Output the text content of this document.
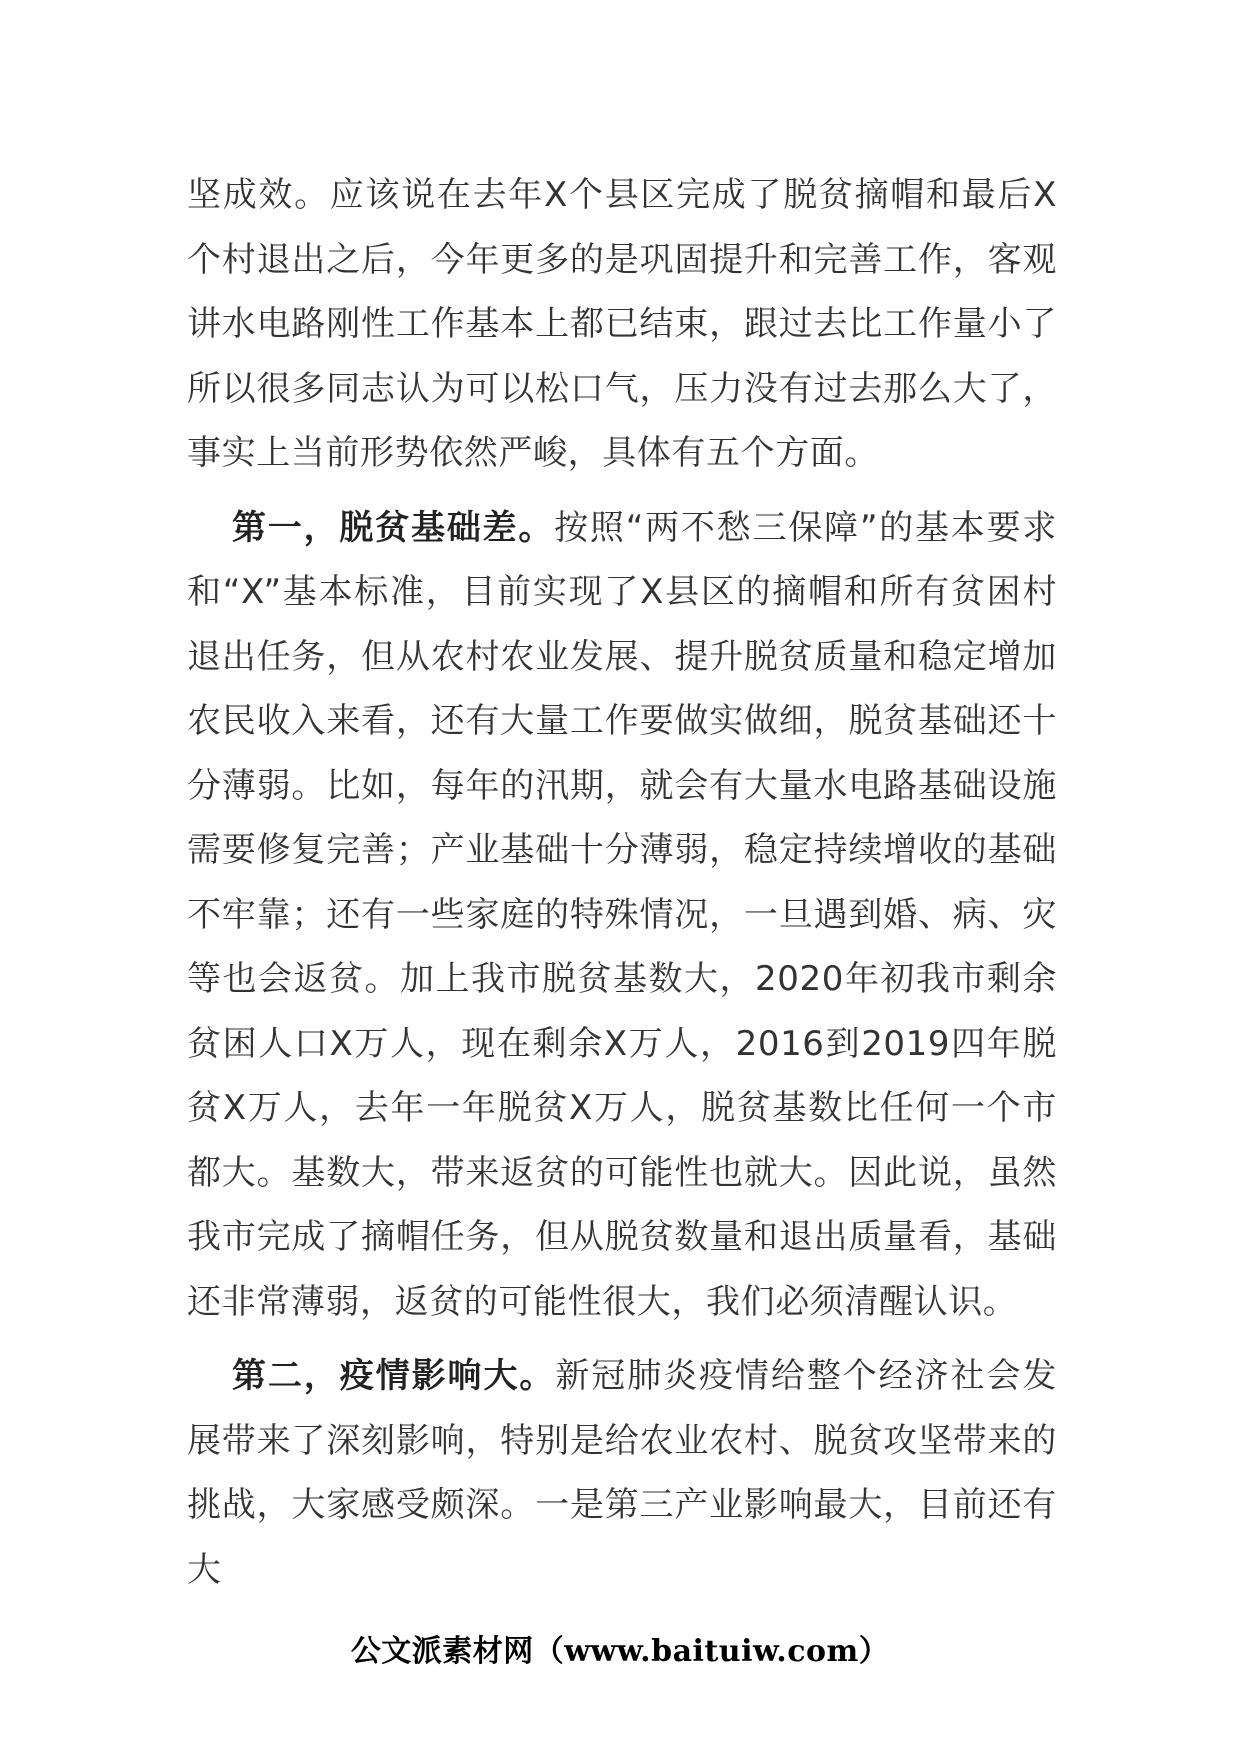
坚成效。应该说在去年X个县区完成了脱贫摘帽和最后X个村退出之后，今年更多的是巩固提升和完善工作，客观讲水电路刚性工作基本上都已结束，跟过去比工作量小了所以很多同志认为可以松口气，压力没有过去那么大了，事实上当前形势依然严峻，具体有五个方面。

第一，脱贫基础差。按照“两不愁三保障”的基本要求和“X”基本标准，目前实现了X县区的摘帽和所有贫困村退出任务，但从农村农业发展、提升脱贫质量和稳定增加农民收入来看，还有大量工作要做实做细，脱贫基础还十分薄弱。比如，每年的汛期，就会有大量水电路基础设施需要修复完善；产业基础十分薄弱，稳定持续增收的基础不牢靠；还有一些家庭的特殊情况，一旦遇到婚、病、灾等也会返贫。加上我市脱贫基数大，2020年初我市剩余贫困人口X万人，现在剩余X万人，2016到2019四年脱贫X万人，去年一年脱贫X万人，脱贫基数比任何一个市都大。基数大，带来返贫的可能性也就大。因此说，虽然我市完成了摘帽任务，但从脱贫数量和退出质量看，基础还非常薄弱，返贫的可能性很大，我们必须清醒认识。

第二，疫情影响大。新冠肺炎疫情给整个经济社会发展带来了深刻影响，特别是给农业农村、脱贫攻坚带来的挑战，大家感受颇深。一是第三产业影响最大，目前还有大

公文派素材网（www.baituiw.com）
